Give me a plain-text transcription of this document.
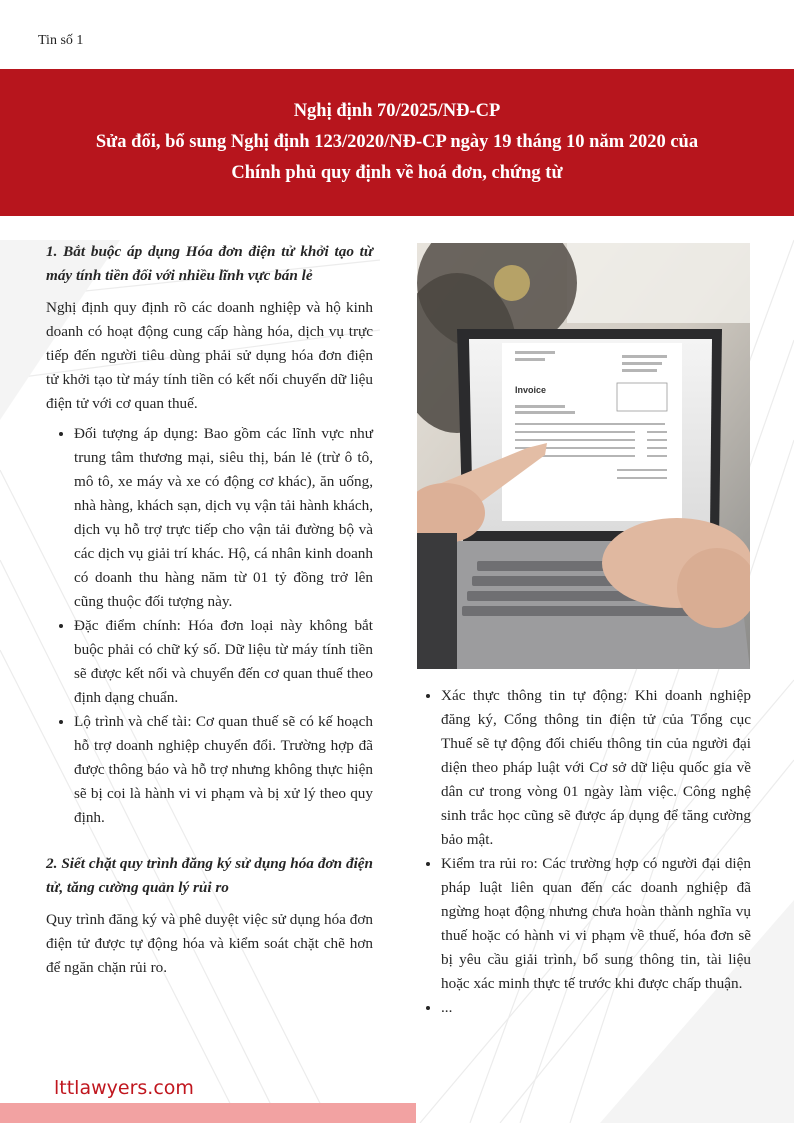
Tin số 1
Nghị định 70/2025/NĐ-CP
Sửa đổi, bổ sung Nghị định 123/2020/NĐ-CP ngày 19 tháng 10 năm 2020 của
Chính phủ quy định về hoá đơn, chứng từ
1. Bắt buộc áp dụng Hóa đơn điện tử khởi tạo từ máy tính tiền đối với nhiều lĩnh vực bán lẻ

Nghị định quy định rõ các doanh nghiệp và hộ kinh doanh có hoạt động cung cấp hàng hóa, dịch vụ trực tiếp đến người tiêu dùng phải sử dụng hóa đơn điện tử khởi tạo từ máy tính tiền có kết nối chuyển dữ liệu điện tử với cơ quan thuế.

• Đối tượng áp dụng: Bao gồm các lĩnh vực như trung tâm thương mại, siêu thị, bán lẻ (trừ ô tô, mô tô, xe máy và xe có động cơ khác), ăn uống, nhà hàng, khách sạn, dịch vụ vận tải hành khách, dịch vụ hỗ trợ trực tiếp cho vận tải đường bộ và các dịch vụ giải trí khác. Hộ, cá nhân kinh doanh có doanh thu hàng năm từ 01 tỷ đồng trở lên cũng thuộc đối tượng này.
• Đặc điểm chính: Hóa đơn loại này không bắt buộc phải có chữ ký số. Dữ liệu từ máy tính tiền sẽ được kết nối và chuyển đến cơ quan thuế theo định dạng chuẩn.
• Lộ trình và chế tài: Cơ quan thuế sẽ có kế hoạch hỗ trợ doanh nghiệp chuyển đổi. Trường hợp đã được thông báo và hỗ trợ nhưng không thực hiện sẽ bị coi là hành vi vi phạm và bị xử lý theo quy định.
2. Siết chặt quy trình đăng ký sử dụng hóa đơn điện tử, tăng cường quản lý rủi ro

Quy trình đăng ký và phê duyệt việc sử dụng hóa đơn điện tử được tự động hóa và kiểm soát chặt chẽ hơn để ngăn chặn rủi ro.

Invoice
• Xác thực thông tin tự động: Khi doanh nghiệp đăng ký, Cổng thông tin điện tử của Tổng cục Thuế sẽ tự động đối chiếu thông tin của người đại diện theo pháp luật với Cơ sở dữ liệu quốc gia về dân cư trong vòng 01 ngày làm việc. Công nghệ sinh trắc học cũng sẽ được áp dụng để tăng cường bảo mật.
• Kiểm tra rủi ro: Các trường hợp có người đại diện pháp luật liên quan đến các doanh nghiệp đã ngừng hoạt động nhưng chưa hoàn thành nghĩa vụ thuế hoặc có hành vi vi phạm về thuế, hóa đơn sẽ bị yêu cầu giải trình, bổ sung thông tin, tài liệu hoặc xác minh thực tế trước khi được chấp thuận.
• ...
lttlawyers.com
